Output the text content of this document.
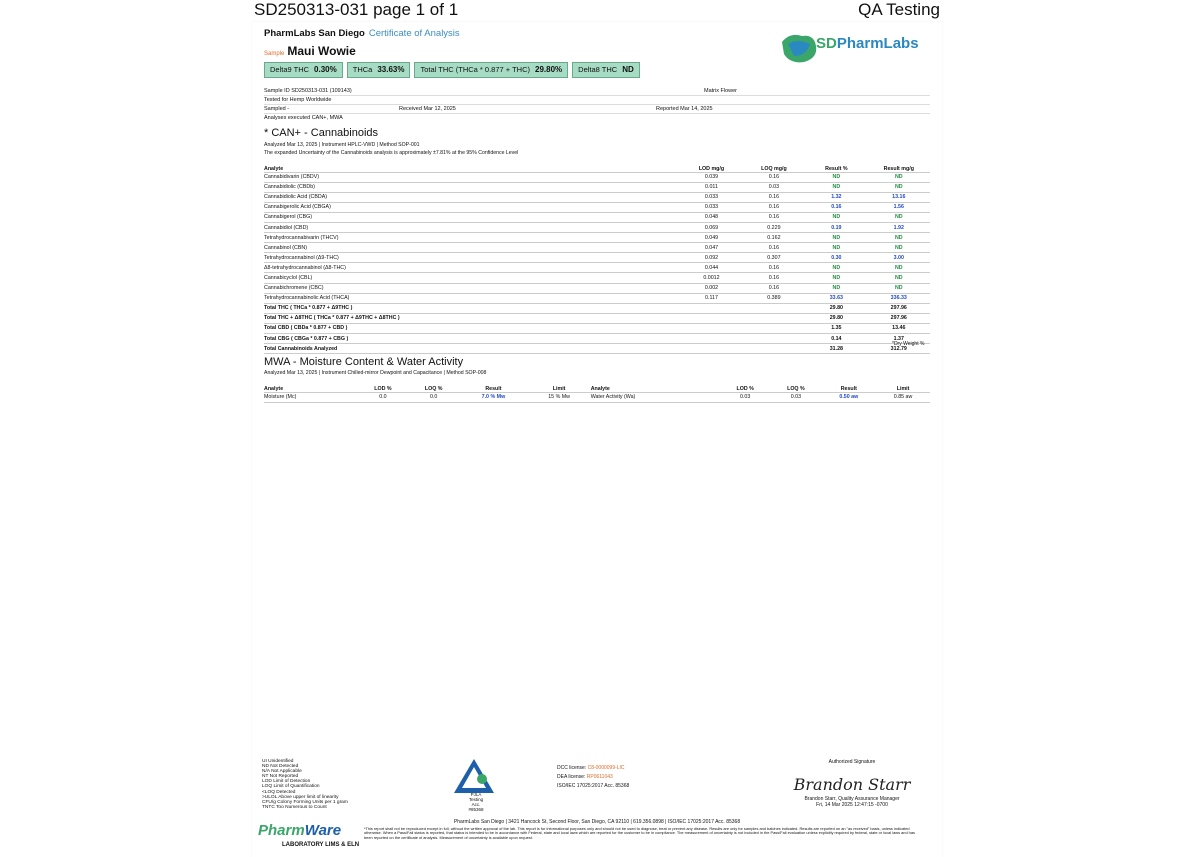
SD250313-031 page 1 of 1	QA Testing
PharmLabs San Diego Certificate of Analysis
Sample Maui Wowie
Delta9 THC 0.30%	THCa 33.63%	Total THC (THCa * 0.877 + THC) 29.80%	Delta8 THC ND
SDPharmLabs
Sample ID SD250313-031 (109143)	Matrix Flower
Tested for Hemp Worldwide
Sampled -	Received Mar 12, 2025	Reported Mar 14, 2025
Analyses executed CAN+, MWA
* CAN+ - Cannabinoids
Analyzed Mar 13, 2025 | Instrument HPLC-VWD | Method SOP-001
The expanded Uncertainty of the Cannabinoids analysis is approximately ±7.81% at the 95% Confidence Level
Analyte	LOD mg/g	LOQ mg/g	Result %	Result mg/g
Cannabidivarin (CBDV)	0.039	0.16	ND	ND
Cannabidiolic (CBDb)	0.011	0.03	ND	ND
Cannabidiolic Acid (CBDA)	0.033	0.16	1.32	13.16
Cannabigerolic Acid (CBGA)	0.033	0.16	0.16	1.56
Cannabigerol (CBG)	0.048	0.16	ND	ND
Cannabidiol (CBD)	0.069	0.229	0.19	1.92
Tetrahydrocannabivarin (THCV)	0.049	0.162	ND	ND
Cannabinol (CBN)	0.047	0.16	ND	ND
Tetrahydrocannabinol (Δ9-THC)	0.092	0.307	0.30	3.00
Δ8-tetrahydrocannabinol (Δ8-THC)	0.044	0.16	ND	ND
Cannabicyclol (CBL)	0.0012	0.16	ND	ND
Cannabichromene (CBC)	0.002	0.16	ND	ND
Tetrahydrocannabinolic Acid (THCA)	0.117	0.389	33.63	336.33
Total THC ( THCa * 0.877 + Δ9THC )			29.80	297.96
Total THC + Δ8THC ( THCa * 0.877 + Δ9THC + Δ8THC )			29.80	297.96
Total CBD ( CBDa * 0.877 + CBD )			1.35	13.46
Total CBG ( CBGa * 0.877 + CBG )			0.14	1.37
Total Cannabinoids Analyzed			31.28	312.79
*Dry Weight %
MWA - Moisture Content & Water Activity
Analyzed Mar 13, 2025 | Instrument Chilled-mirror Dewpoint and Capacitance | Method SOP-008
Analyte	LOD %	LOQ %	Result	Limit	Analyte	LOD %	LOQ %	Result	Limit
Moisture (Mc)	0.0	0.0	7.0 % Mw	15 % Mw	Water Activity (Wa)	0.03	0.03	0.50 aw	0.85 aw
UI Unidentified
ND Not Detected
N/A Not Applicable
NT Not Reported
LOD Limit of Detection
LOQ Limit of Quantification
<LOQ Detected
>ULOL Above upper limit of linearity
CFU/g Colony Forming Units per 1 gram
TNTC Too Numerous to Count
PJLA
Testing
Acc. #85368
DCC license: C8-0000099-LIC
DEA license: RP0611043
ISO/IEC 17025:2017 Acc. 85368
Authorized Signature
Brandon Starr
Brandon Starr, Quality Assurance Manager
Fri, 14 Mar 2025 12:47:15 -0700
PharmLabs San Diego | 3421 Hancock St, Second Floor, San Diego, CA 92110 | 619.356.0898 | ISO/IEC 17025:2017 Acc. 85368
*This report shall not be reproduced except in full, without the written approval of the lab. This report is for informational purposes only and should not be used to diagnose, treat or prevent any disease. Results are only for samples and batches indicated. Results are reported on an "as received" basis, unless indicated otherwise. When a Pass/Fail status is reported, that status is intended to be in accordance with Federal, state and local laws which are reported for the customer to be in compliance. The measurement of uncertainty is not included in the Pass/Fail evaluation unless explicitly required by federal, state or local laws and has been reported on the certificate of analysis. Measurement of uncertainty is available upon request.
PharmWare
LABORATORY LIMS & ELN
